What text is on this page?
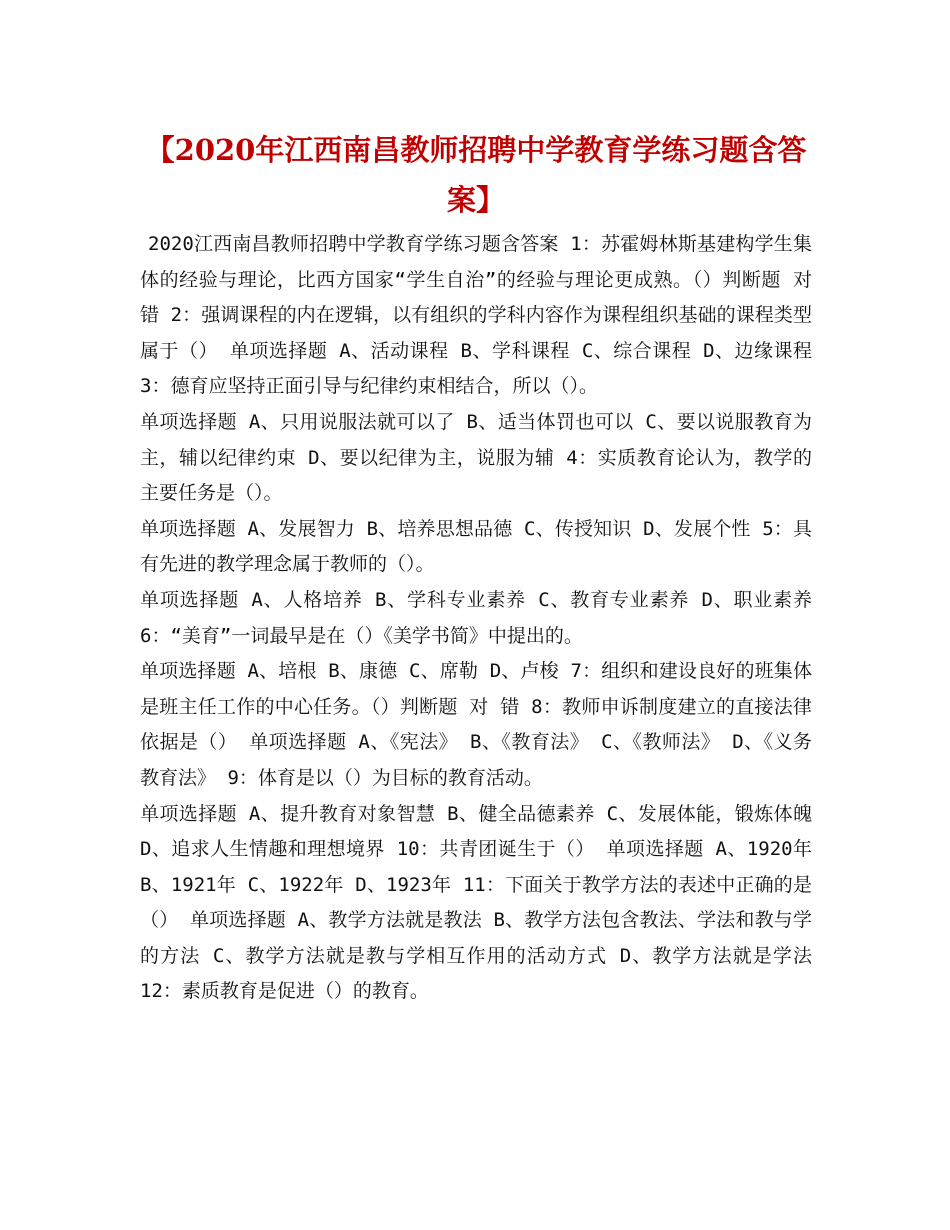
【2020年江西南昌教师招聘中学教育学练习题含答案】

2020江西南昌教师招聘中学教育学练习题含答案 1：苏霍姆林斯基建构学生集体的经验与理论，比西方国家“学生自治”的经验与理论更成熟。（）判断题 对 错 2：强调课程的内在逻辑，以有组织的学科内容作为课程组织基础的课程类型属于（） 单项选择题 A、活动课程 B、学科课程 C、综合课程 D、边缘课程 3：德育应坚持正面引导与纪律约束相结合，所以（）。

单项选择题 A、只用说服法就可以了 B、适当体罚也可以 C、要以说服教育为主，辅以纪律约束 D、要以纪律为主，说服为辅 4：实质教育论认为，教学的主要任务是（）。

单项选择题 A、发展智力 B、培养思想品德 C、传授知识 D、发展个性 5：具有先进的教学理念属于教师的（）。

单项选择题 A、人格培养 B、学科专业素养 C、教育专业素养 D、职业素养 6：“美育”一词最早是在（）《美学书简》中提出的。

单项选择题 A、培根 B、康德 C、席勒 D、卢梭 7：组织和建设良好的班集体是班主任工作的中心任务。（）判断题 对 错 8：教师申诉制度建立的直接法律依据是（） 单项选择题 A、《宪法》 B、《教育法》 C、《教师法》 D、《义务教育法》 9：体育是以（）为目标的教育活动。

单项选择题 A、提升教育对象智慧 B、健全品德素养 C、发展体能，锻炼体魄 D、追求人生情趣和理想境界 10：共青团诞生于（） 单项选择题 A、1920年 B、1921年 C、1922年 D、1923年 11：下面关于教学方法的表述中正确的是（） 单项选择题 A、教学方法就是教法 B、教学方法包含教法、学法和教与学的方法 C、教学方法就是教与学相互作用的活动方式 D、教学方法就是学法 12：素质教育是促进（）的教育。
